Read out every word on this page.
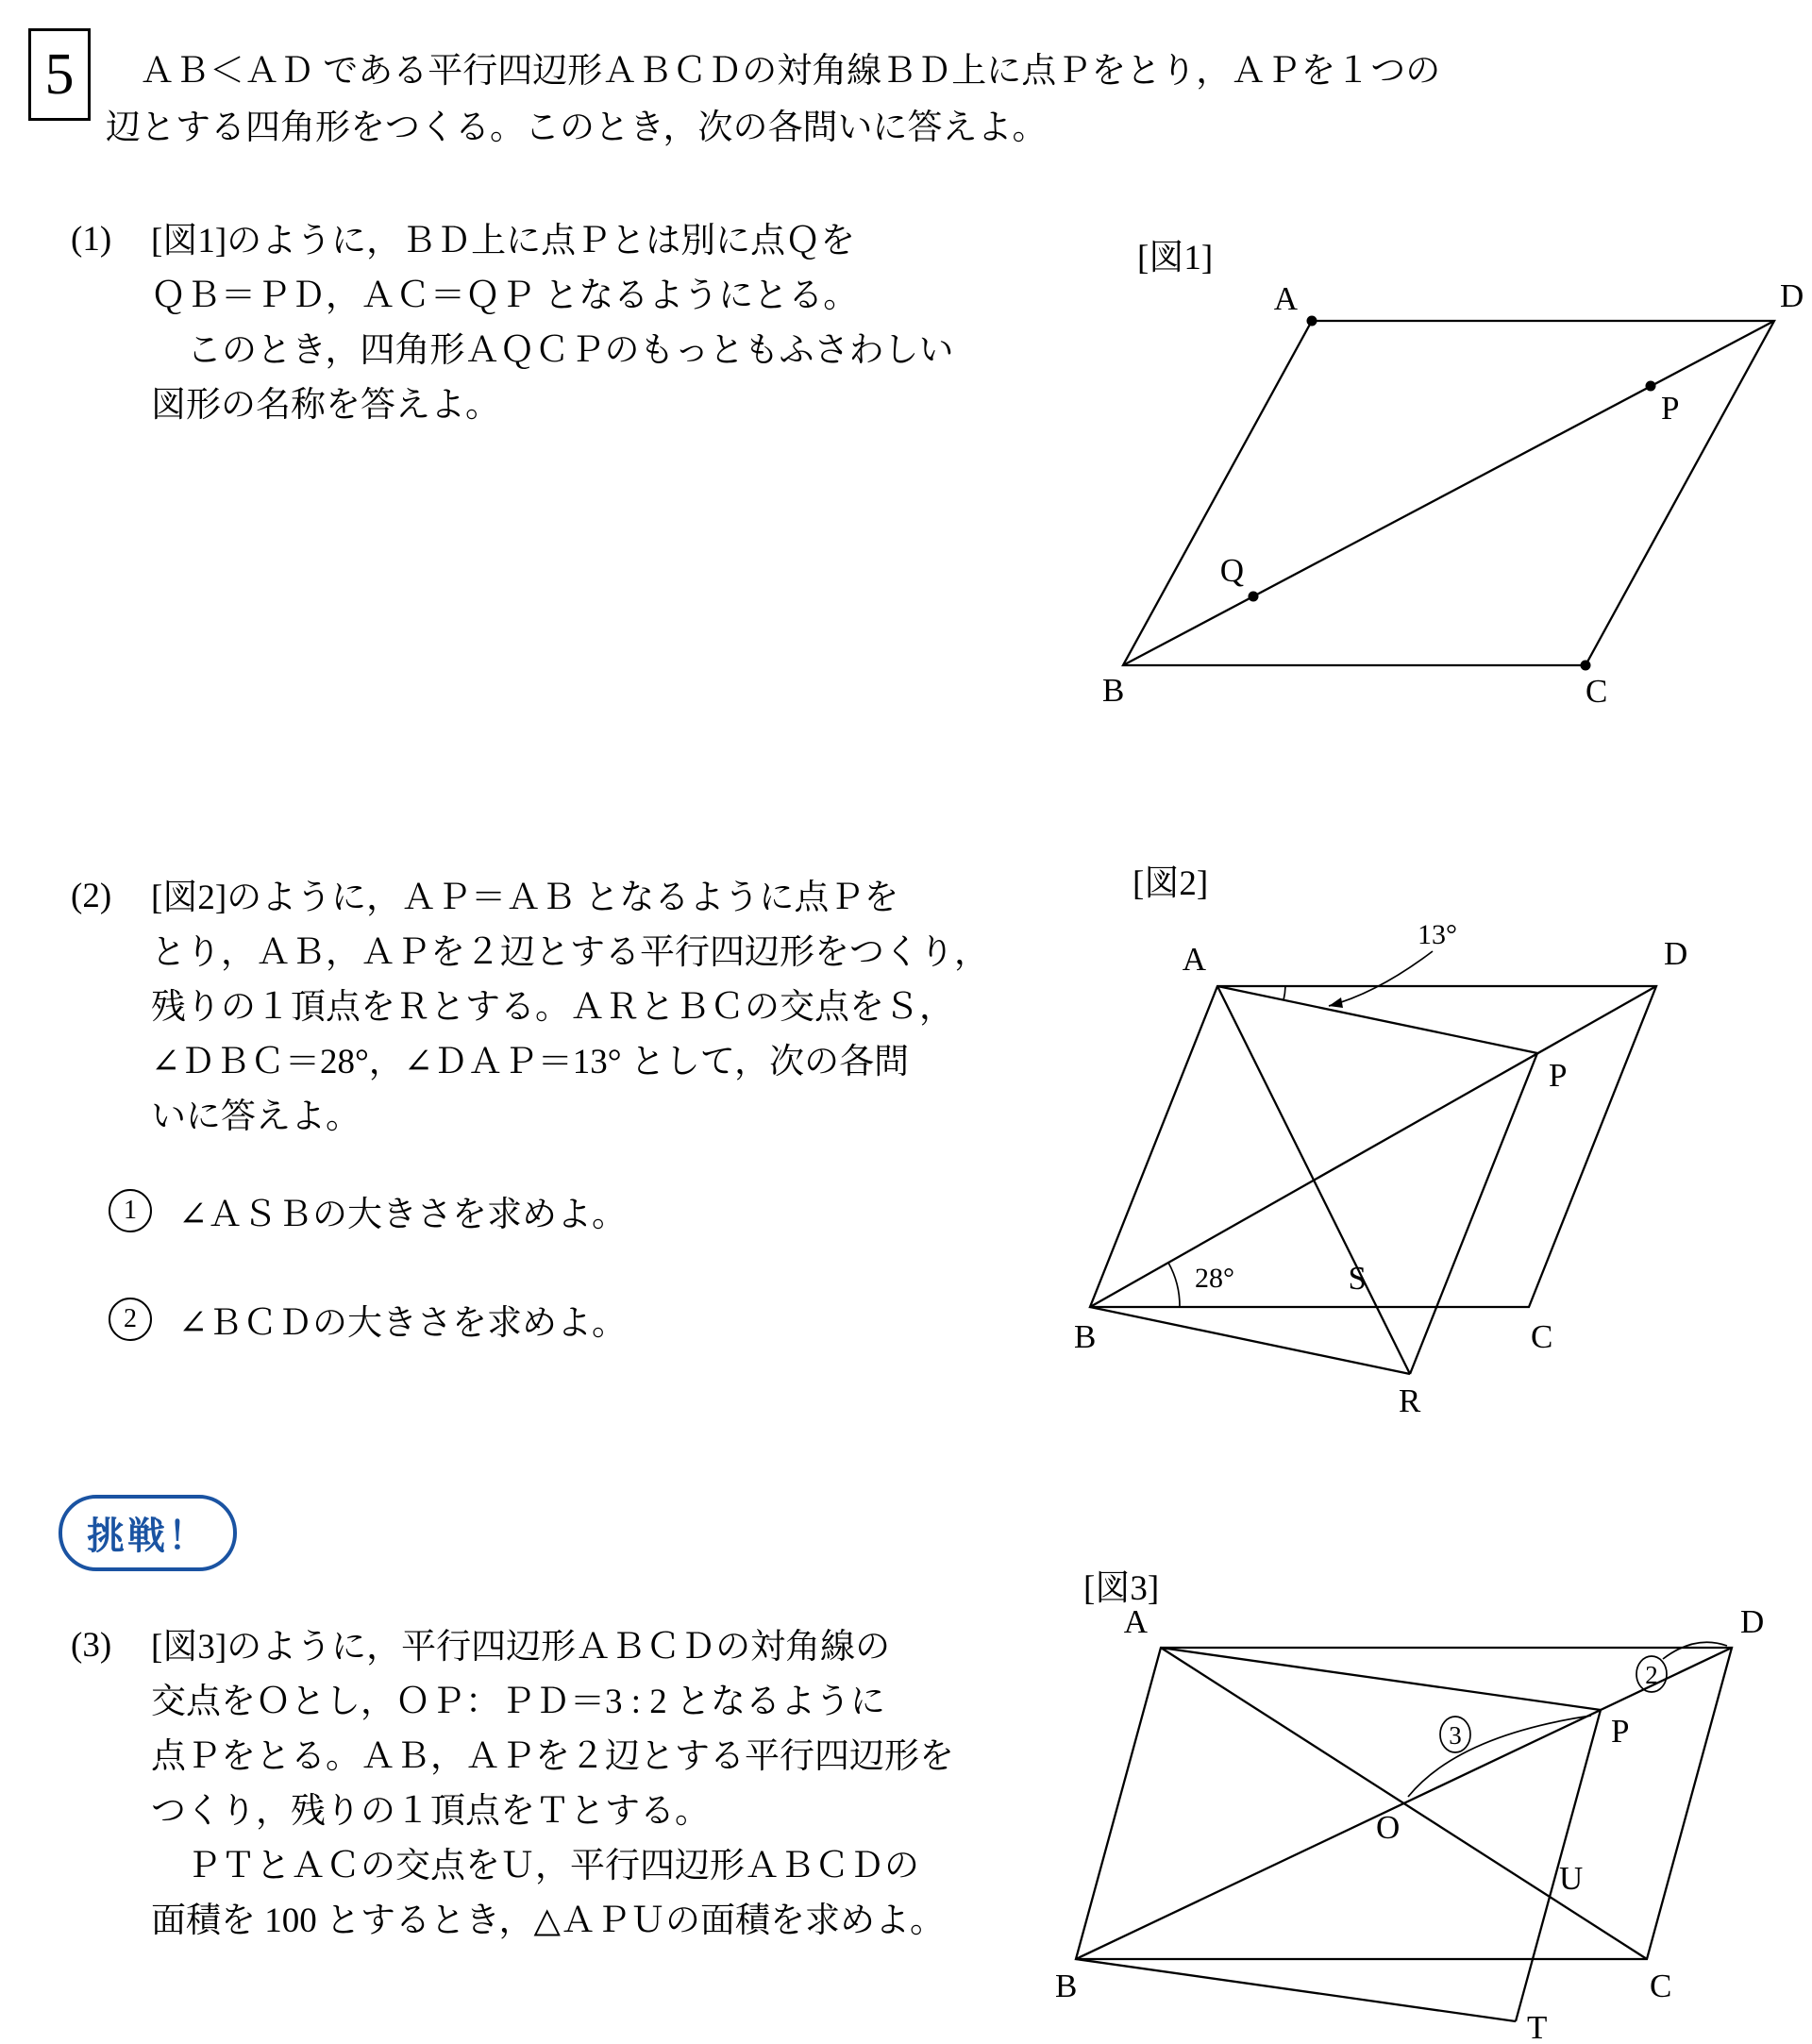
5 ＡＢ＜ＡＤ である平行四辺形ＡＢＣＤの対角線ＢＤ上に点Ｐをとり，ＡＰを１つの
辺とする四角形をつくる。このとき，次の各問いに答えよ。
(1) [図1]のように，ＢＤ上に点Ｐとは別に点Ｑを
ＱＢ＝ＰＤ，ＡＣ＝ＱＰ となるようにとる。
このとき，四角形ＡＱＣＰのもっともふさわしい
図形の名称を答えよ。
[図1]
A	D
B	C
P
Q
(2) [図2]のように，ＡＰ＝ＡＢ となるように点Ｐを
とり，ＡＢ，ＡＰを２辺とする平行四辺形をつくり，
残りの１頂点をＲとする。ＡＲとＢＣの交点をＳ，
∠ＤＢＣ＝28°，∠ＤＡＰ＝13° として，次の各問
いに答えよ。
1	∠ＡＳＢの大きさを求めよ。
2	∠ＢＣＤの大きさを求めよ。
[図2]
13°
28°
A	D
B	C
P
S
R
挑戦！
(3) [図3]のように，平行四辺形ＡＢＣＤの対角線の
交点をＯとし，ＯＰ：ＰＤ＝3 : 2 となるように
点Ｐをとる。ＡＢ，ＡＰを２辺とする平行四辺形を
つくり，残りの１頂点をＴとする。
　ＰＴとＡＣの交点をＵ，平行四辺形ＡＢＣＤの
面積を 100 とするとき，△ＡＰＵの面積を求めよ。
[図3]
3
2
A	D
B	C
O
P
U
T
